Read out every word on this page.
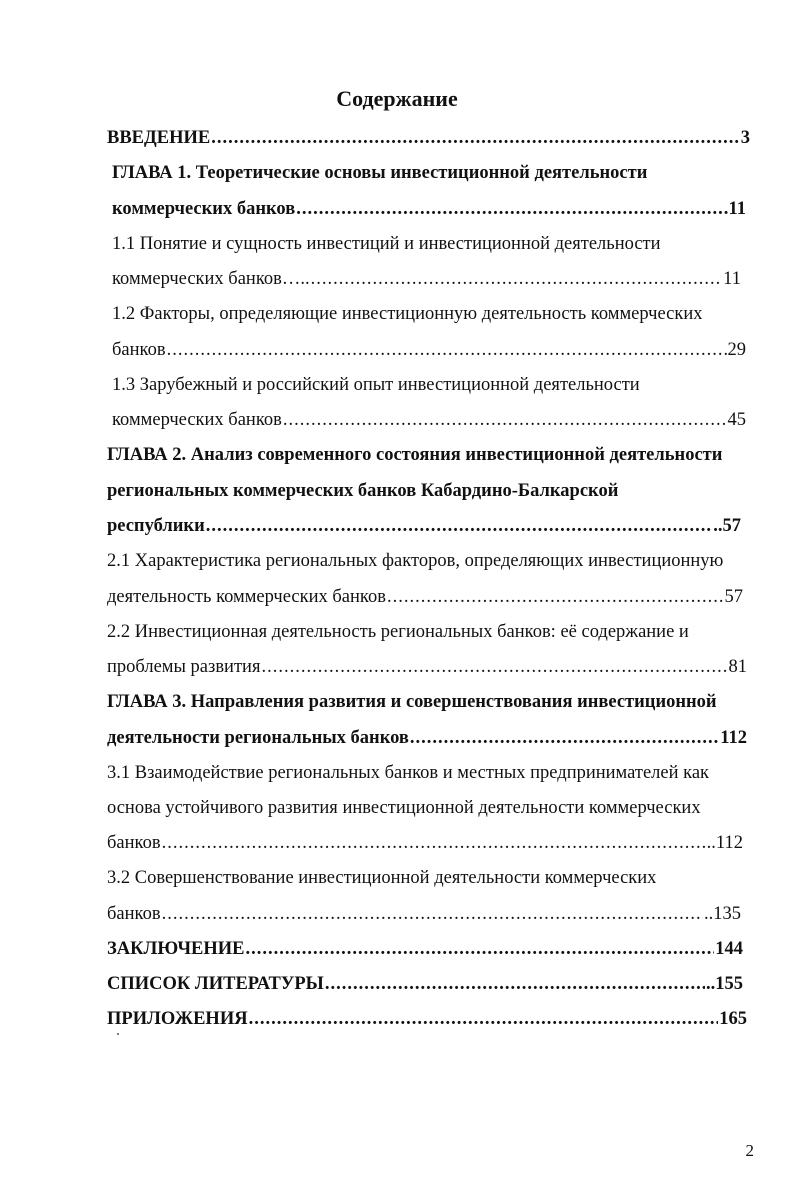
Содержание
ВВЕДЕНИЕ .....	3
ГЛАВА 1. Теоретические основы инвестиционной деятельности
коммерческих банков .....	11
1.1 Понятие и сущность инвестиций и инвестиционной деятельности
коммерческих банков….. .....	11
1.2 Факторы, определяющие инвестиционную деятельность коммерческих
банков .....	29
1.3 Зарубежный и российский опыт инвестиционной деятельности
коммерческих банков .....	45
ГЛАВА 2. Анализ современного состояния инвестиционной деятельности
региональных коммерческих банков Кабардино-Балкарской
республики .....	..57
2.1 Характеристика региональных факторов, определяющих инвестиционную
деятельность коммерческих банков .....	57
2.2 Инвестиционная деятельность региональных банков: её содержание и
проблемы развития .....	81
ГЛАВА 3. Направления развития и совершенствования инвестиционной
деятельности региональных банков .....	112
3.1 Взаимодействие региональных банков и местных предпринимателей как
основа устойчивого развития инвестиционной деятельности коммерческих
банков .....	..112
3.2 Совершенствование инвестиционной деятельности коммерческих
банков .....	..135
ЗАКЛЮЧЕНИЕ .....	144
СПИСОК ЛИТЕРАТУРЫ .....	..155
ПРИЛОЖЕНИЯ .....	165
2
